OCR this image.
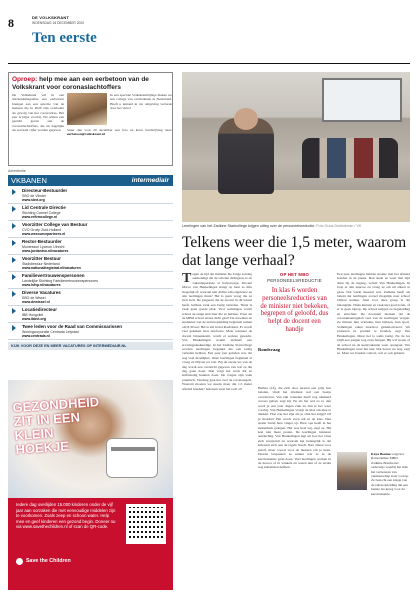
8	DE VOLKSKRANT
WOENSDAG 16 DECEMBER 2020
Ten eerste
Oproep: help mee aan een eerbetoon van de Volkskrant voor coronaslachtoffers
De Volkskrant wil in een afscheidsmagazine een eerbetoon brengen aan een selectie van de mensen die in 2020 zijn overleden als gevolg van het coronavirus. Het jaar is bijna voorbij. We willen een gezicht geven aan de coronaslachtoffers, die nu dagelijks als een kaal cijfer worden gegeven.
In een speciale Volkskrantbijlage maken we een collage van overledenen in Nederland. Heeft u iemand in uw omgeving verloren door het virus?
Stuur dan voor 20 december een foto en korte beschrijving naar: eerbetoon@volkskrant.nl
Advertentie
VKBANEN	intermediair
Directeur-Bestuurder
SBO de Vlinder
www.sbvt.org
Lid Centrale Directie
Stichting Carmel College
www.erfirmcollege.nl
Voorzitter College van Bestuur
CVO Groep Zuid-Holland
www.wesourcepartners.nl
Rector-Bestuurder
Montessori Lyceum Utrecht
www.jordanino.nl/vacatures
Voorzitter Bestuur
Stadsbestuur Nederland
www.nationalitegistrat.nl/vacaturen
Familievertrouwenspersonen
Landelijke Stichting Familievertrouwenspersonen
www.lsfvp.nl/vacatures
Diverse Vacatures
SBO de Wissel
www.dewissel.nl
Locatiedirecteur
IBB Hoogvliet
www.ibbvt.org
Twee leden voor de Raad van Commissarissen
Woningcorporatie Centrada Lelystad
www.centrada.nl
KIJK VOOR DEZE EN MEER VACATURES OP INTERMEDIAIR.NL
GEZONDHEID ZIT IN EEN KLEIN HOEKJE
Iedere dag overlijden 15.000 kinderen onder de vijf jaar aan oorzaken die met eenvoudige middelen zijn te voorkomen. Zoals zeep en schoon water. Help mee en geef kinderen een gezond begin. Doneer nu via www.savethechildren.nl of scan de QR-code.
Save the Children
Leerlingen van het Zadkine Startcollege krijgen uitleg over de personeelsreductie. Foto Guus Dubbelman / VK
Telkens weer die 1,5 meter, waarom dat lange verhaal?
Tegen de tijd dat minister De Jonge zondag aankondigt dat de scholen dichtgaan, is de vakantieperiode al halverwege. Docent Marco van Heukelingen slaagt op haar zo min mogelijk af: waarom niet dichte schoolgebouw en alle leerlingen thuis? Het is geen vraag die ze zich stelt. De jongeren die de docent in dit lokaal heeft, hebben vaak een lastig verleden. Thuis is vaak geen goede plek. Voor sommigen vormt school de enige structuur die ze hebben. Waar als de MBO school straks dicht gaat? De docenten en studenten van de entreeopleiding beginnen samen om 8.30 uur. Het is stil in het klaslokaal. Er wordt veel gekeken naar telefoons. Maar wanneer de docent binnenkomt, wordt er serieus gewerkt. Van Heukelingen noemt zichzelf een ervaringsdeskundige. In het Zadkine Startcollege worden leerlingen begeleid die een lastig verleden hebben. Een paar jaar geleden was dat nog veel moeilijker. Onze leerlingen beginnen al vroeg en blijven tot laat. Bij de eerste les van de dag wordt een overzicht gegeven van wat ze die dag gaan doen. Dan volgt het werk dat ze zelfstandig kunnen doen. De vragen zijn vaak praktisch. Vandaag gaat het over de coronaregels. Waarom moeten we steeds maar die 1,5 meter afstand houden? Iedereen weet het toch al?
OP HET MBO
PERSONEELSREDUCTIE
In klas 6 worden personeelsreducties van de minister niet bekeken, begrepen of geloofd, dus helpt de docent een handje
Rondvraag
Hamza (16), die zich door leraren een prijs laat betalen, vindt het allemaal wel een beetje overdreven. Van zijn vrienden heeft nog niemand corona gehad, zegt hij. En als het wel zo is, dan word je een paar dagen ziek en dan is het weer voorbij. Van Heukelingen vraagt de klas om mee te denken. Hoe zou het zijn als je oma het krijgt? Of je moeder? Het wordt even stil in de klas. Dan steekt Sarah haar vinger op. Haar opa heeft in het ziekenhuis gelegen. Het was heel erg, zegt ze. Hij kon niet meer praten. De leerlingen luisteren aandachtig. Van Heukelingen legt uit hoe het virus zich verspreidt en waarom het belangrijk is dat iedereen zich aan de regels houdt. Niet alleen voor jezelf, maar vooral voor de mensen om je heen. Daarna bespreken ze samen wat ze in de kerstvakantie gaan doen. Veel leerlingen werken in de horeca of in winkels en weten niet of ze straks nog inkomsten hebben.
Een paar leerlingen hebben moeite met het afstand houden in de pauze. Dan staan ze weer met zijn allen bij de ingang, vertelt Van Heukelingen. Ik loop er dan naartoe en vraag ze om uit elkaar te gaan. Dat werkt meestal wel. Zadkine heeft als beleid dat leerlingen zoveel mogelijk naar school blijven komen. Juist voor deze groep is dat belangrijk. Thuis kunnen ze vaak niet goed leren, of er is geen laptop. Op school krijgen ze begeleiding en structuur. De docenten merken dat de coronamaatregelen veel van de leerlingen vragen. Ze missen hun vrienden, hun bijbaan, hun sport. Sommigen raken daardoor gedemotiveerd. We proberen ze positief te houden, zegt Van Heukelingen. Maar het is soms lastig. Na de les blijft een jongen nog even hangen. Hij wil weten of de school na de kerstvakantie weer opengaat. Van Heukelingen weet het niet. Dat horen we nog, zegt ze. Maar we houden contact, wat er ook gebeurt.
Kaya Bouma volgt het Rotterdamse MBO. Zadkine Bouma het oederwijs waarbij het mbo het verbeteren van vakmanschap staat voorop. Ze bezocht een klasje van de entreeopleiding die een laatste les kreeg voor de kerstvakantie.
